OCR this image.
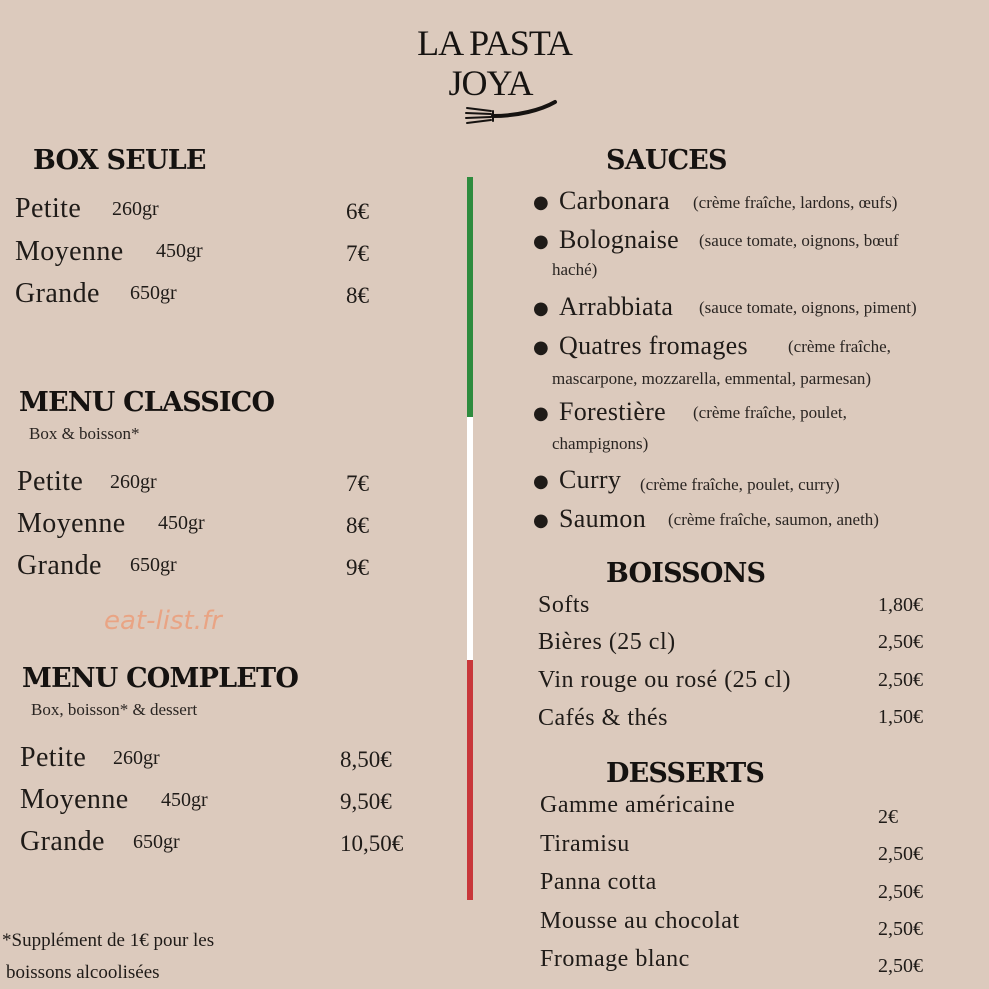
LA PASTA
JOYA
BOX SEULE
Petite 260gr	6€
Moyenne 450gr	7€
Grande 650gr	8€
MENU CLASSICO
Box & boisson*
Petite 260gr	7€
Moyenne 450gr	8€
Grande 650gr	9€
eat-list.fr
MENU COMPLETO
Box, boisson* & dessert
Petite 260gr	8,50€
Moyenne 450gr	9,50€
Grande 650gr	10,50€
*Supplément de 1€ pour les
boissons alcoolisées
SAUCES
● Carbonara (crème fraîche, lardons, œufs)
● Bolognaise (sauce tomate, oignons, bœuf
haché)
● Arrabbiata (sauce tomate, oignons, piment)
● Quatres fromages (crème fraîche,
mascarpone, mozzarella, emmental, parmesan)
● Forestière (crème fraîche, poulet,
champignons)
● Curry (crème fraîche, poulet, curry)
● Saumon (crème fraîche, saumon, aneth)
BOISSONS
Softs	1,80€
Bières (25 cl)	2,50€
Vin rouge ou rosé (25 cl)	2,50€
Cafés & thés	1,50€
DESSERTS
Gamme américaine	2€
Tiramisu	2,50€
Panna cotta	2,50€
Mousse au chocolat	2,50€
Fromage blanc	2,50€
